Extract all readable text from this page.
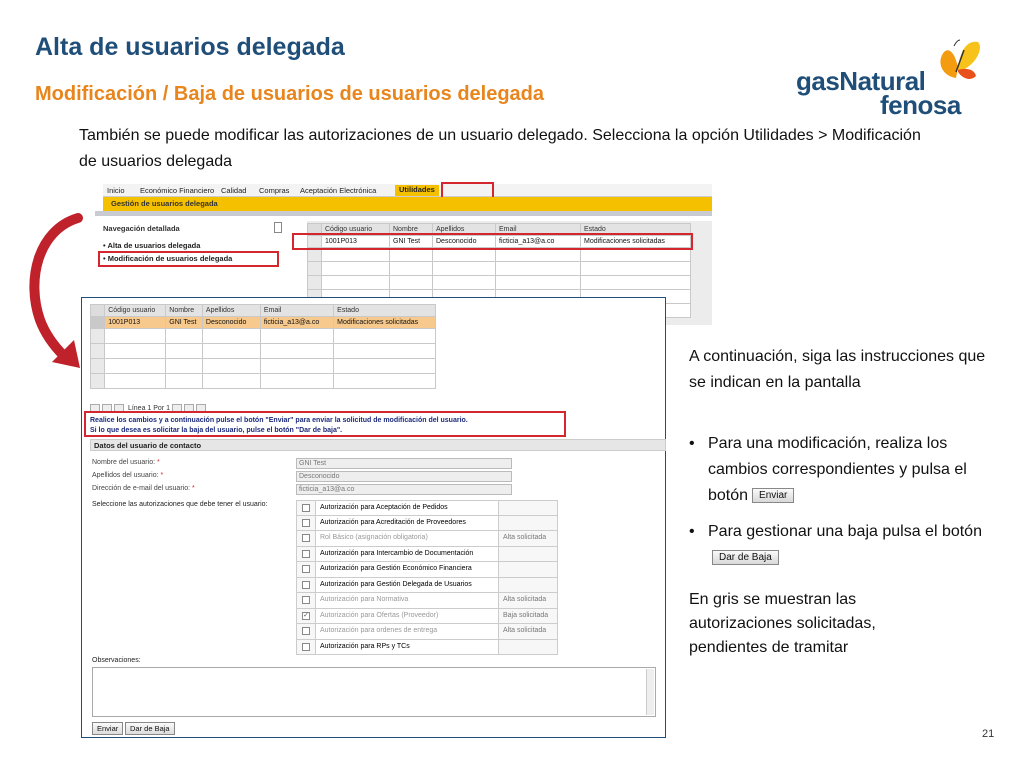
Alta de usuarios delegada
Modificación / Baja de usuarios de usuarios delegada
También se puede modificar las autorizaciones de un usuario delegado. Selecciona la opción Utilidades > Modificación de usuarios delegada
gasNatural
fenosa
Inicio Económico Financiero Calidad Compras Aceptación Electrónica	Utilidades
Gestión de usuarios delegada
Navegación detallada
• Alta de usuarios delegada
• Modificación de usuarios delegada
	Código usuario	Nombre	Apellidos	Email	Estado
	1001P013	GNI Test	Desconocido	ficticia_a13@a.co	Modificaciones solicitadas

	Código usuario	Nombre	Apellidos	Email	Estado
	1001P013	GNI Test	Desconocido	ficticia_a13@a.co	Modificaciones solicitadas

Línea 1 Por 1
Realice los cambios y a continuación pulse el botón "Enviar" para enviar la solicitud de modificación del usuario.
Si lo que desea es solicitar la baja del usuario, pulse el botón "Dar de baja".
Datos del usuario de contacto
Nombre del usuario: *	GNI Test
Apellidos del usuario: *	Desconocido
Dirección de e-mail del usuario: *	ficticia_a13@a.co
Seleccione las autorizaciones que debe tener el usuario:	Autorización para Aceptación de Pedidos
Autorización para Acreditación de Proveedores
Rol Básico (asignación obligatoria)	Alta solicitada
Autorización para Intercambio de Documentación
Autorización para Gestión Económico Financiera
Autorización para Gestión Delegada de Usuarios
Autorización para Normativa	Alta solicitada
✓	Autorización para Ofertas (Proveedor)	Baja solicitada
Autorización para ordenes de entrega	Alta solicitada
Autorización para RPs y TCs
Observaciones:
Enviar	Dar de Baja
A continuación, siga las instrucciones que se indican en la pantalla
• Para una modificación, realiza los cambios correspondientes y pulsa el botón Enviar
• Para gestionar una baja pulsa el botónDar de Baja
En gris se muestran las autorizaciones solicitadas, pendientes de tramitar
21
